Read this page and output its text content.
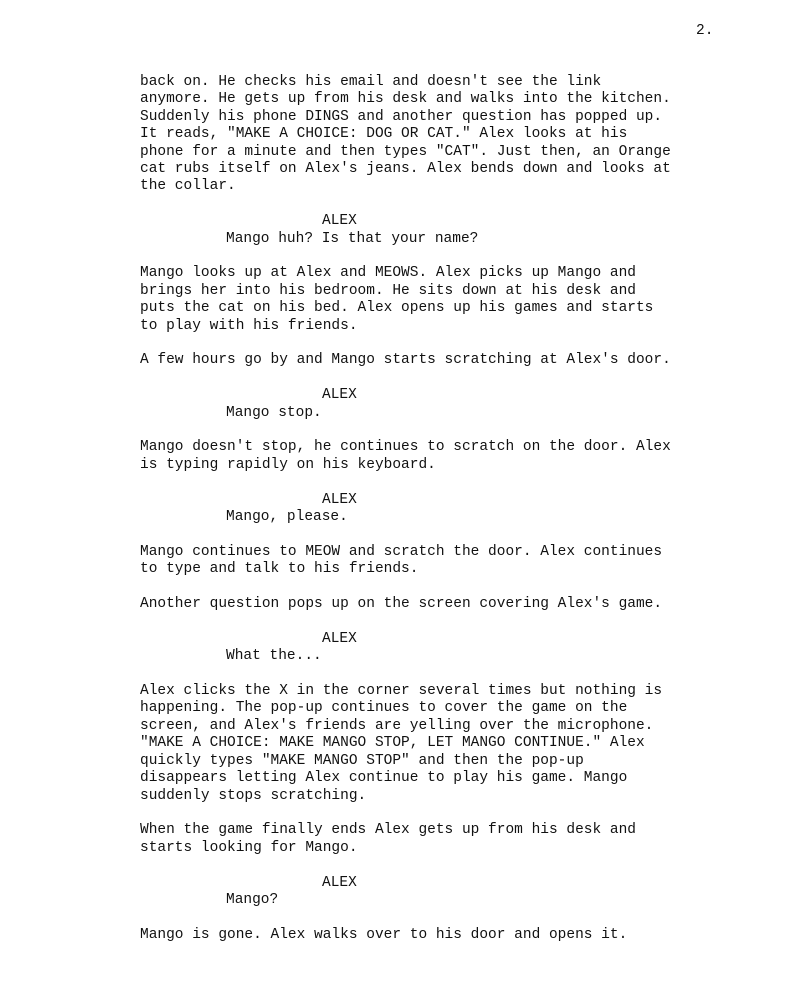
2.

back on. He checks his email and doesn't see the link
anymore. He gets up from his desk and walks into the kitchen.
Suddenly his phone DINGS and another question has popped up.
It reads, "MAKE A CHOICE: DOG OR CAT." Alex looks at his
phone for a minute and then types "CAT". Just then, an Orange
cat rubs itself on Alex's jeans. Alex bends down and looks at
the collar.

ALEX
Mango huh? Is that your name?

Mango looks up at Alex and MEOWS. Alex picks up Mango and
brings her into his bedroom. He sits down at his desk and
puts the cat on his bed. Alex opens up his games and starts
to play with his friends.

A few hours go by and Mango starts scratching at Alex's door.

ALEX
Mango stop.

Mango doesn't stop, he continues to scratch on the door. Alex
is typing rapidly on his keyboard.

ALEX
Mango, please.

Mango continues to MEOW and scratch the door. Alex continues
to type and talk to his friends.

Another question pops up on the screen covering Alex's game.

ALEX
What the...

Alex clicks the X in the corner several times but nothing is
happening. The pop-up continues to cover the game on the
screen, and Alex's friends are yelling over the microphone.
"MAKE A CHOICE: MAKE MANGO STOP, LET MANGO CONTINUE." Alex
quickly types "MAKE MANGO STOP" and then the pop-up
disappears letting Alex continue to play his game. Mango
suddenly stops scratching.

When the game finally ends Alex gets up from his desk and
starts looking for Mango.

ALEX
Mango?

Mango is gone. Alex walks over to his door and opens it.
